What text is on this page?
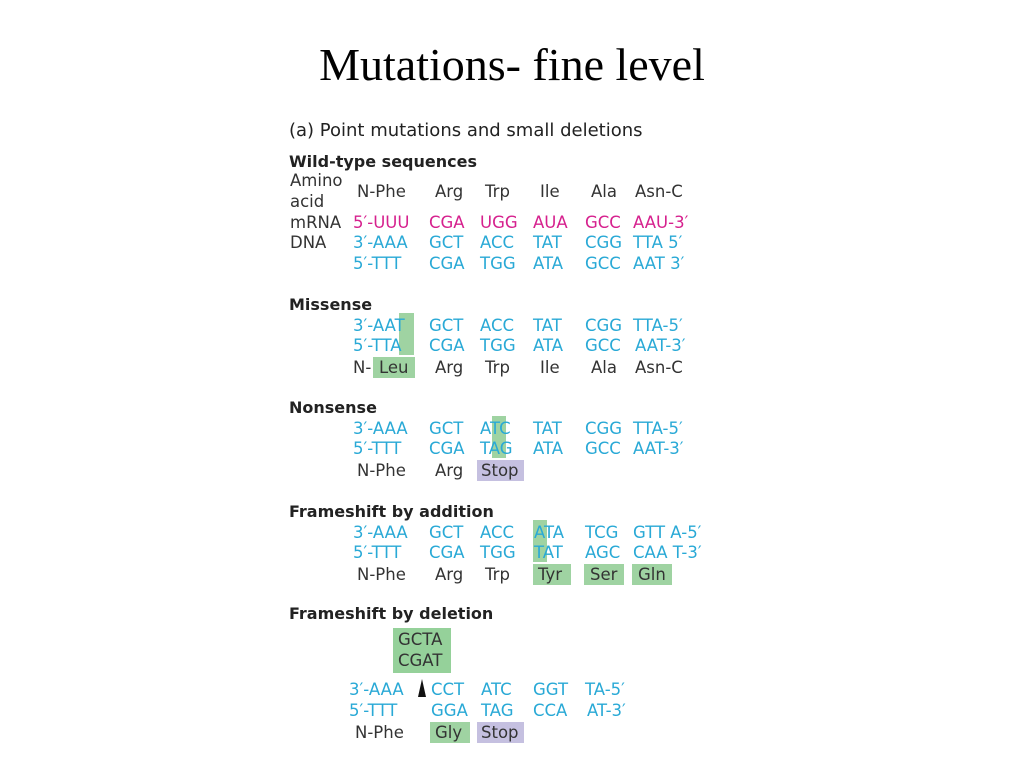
Mutations- fine level
(a) Point mutations and small deletions
Wild-type sequences
Amino
acid
N-Phe Arg Trp Ile Ala Asn-C
mRNA 5′-UUU CGA UGG AUA GCC AAU-3′
DNA 3′-AAA GCT ACC TAT CGG TTA 5′
5′-TTT CGA TGG ATA GCC AAT 3′
Missense
3′-AAT GCT ACC TAT CGG TTA-5′
5′-TTA CGA TGG ATA GCC AAT-3′
N- Leu Arg Trp Ile Ala Asn-C
Nonsense
3′-AAA GCT ATC TAT CGG TTA-5′
5′-TTT CGA TAG ATA GCC AAT-3′
N-Phe Arg Stop
Frameshift by addition
3′-AAA GCT ACC ATA TCG GTT A-5′
5′-TTT CGA TGG TAT AGC CAA T-3′
N-Phe Arg Trp Tyr Ser Gln
Frameshift by deletion
GCTA
CGAT
3′-AAA CCT ATC GGT TA-5′
5′-TTT GGA TAG CCA AT-3′
N-Phe Gly Stop
